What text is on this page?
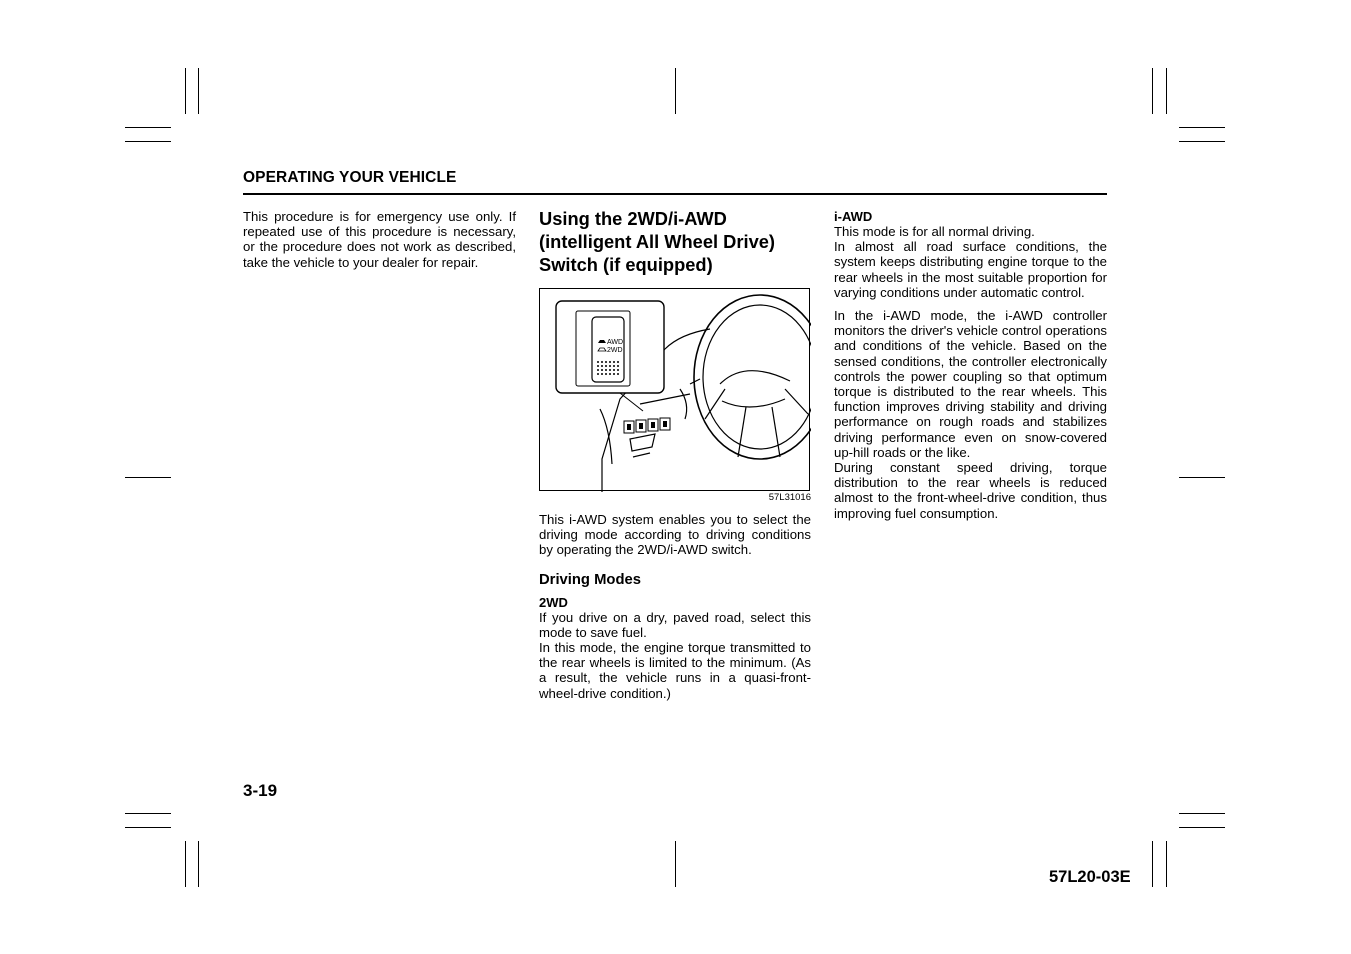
OPERATING YOUR VEHICLE

This procedure is for emergency use only. If repeated use of this procedure is necessary, or the procedure does not work as described, take the vehicle to your dealer for repair.

Using the 2WD/i-AWD (intelligent All Wheel Drive) Switch (if equipped)
AWD
2WD
57L31016

This i-AWD system enables you to select the driving mode according to driving conditions by operating the 2WD/i-AWD switch.

Driving Modes
2WD

If you drive on a dry, paved road, select this mode to save fuel.

In this mode, the engine torque transmitted to the rear wheels is limited to the minimum. (As a result, the vehicle runs in a quasi-front-wheel-drive condition.)

i-AWD

This mode is for all normal driving.

In almost all road surface conditions, the system keeps distributing engine torque to the rear wheels in the most suitable proportion for varying conditions under automatic control.

In the i-AWD mode, the i-AWD controller monitors the driver's vehicle control operations and conditions of the vehicle. Based on the sensed conditions, the controller electronically controls the power coupling so that optimum torque is distributed to the rear wheels. This function improves driving stability and driving performance on rough roads and stabilizes driving performance even on snow-covered up-hill roads or the like.

During constant speed driving, torque distribution to the rear wheels is reduced almost to the front-wheel-drive condition, thus improving fuel consumption.

3-19
57L20-03E
